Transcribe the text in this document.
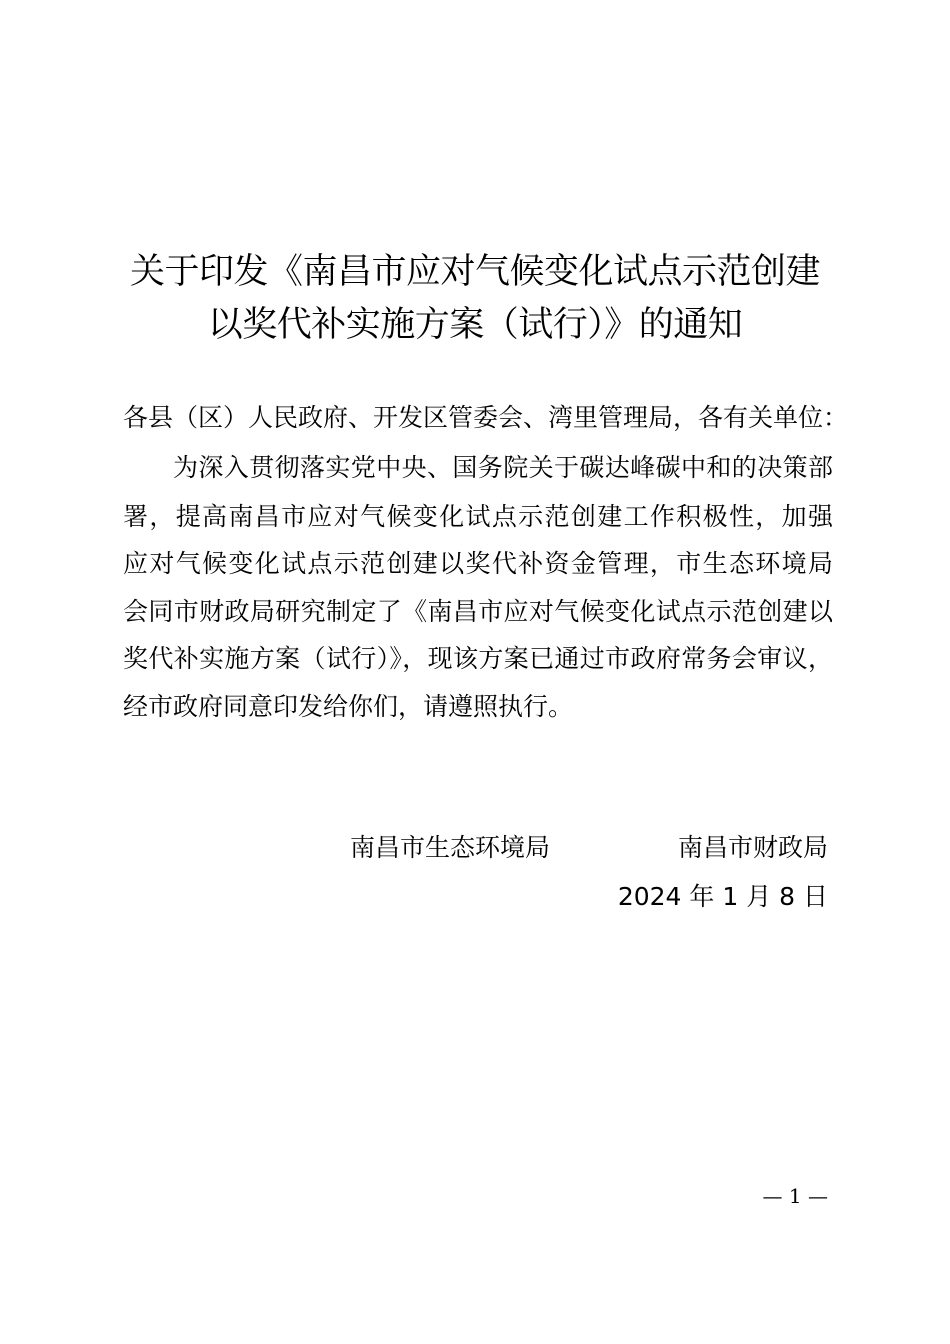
关于印发《南昌市应对气候变化试点示范创建
以奖代补实施方案（试行）》的通知
各县（区）人民政府、开发区管委会、湾里管理局，各有关单位：
为深入贯彻落实党中央、国务院关于碳达峰碳中和的决策部
署，提高南昌市应对气候变化试点示范创建工作积极性，加强
应对气候变化试点示范创建以奖代补资金管理，市生态环境局
会同市财政局研究制定了《南昌市应对气候变化试点示范创建以
奖代补实施方案（试行）》，现该方案已通过市政府常务会审议，
经市政府同意印发给你们，请遵照执行。
南昌市生态环境局	南昌市财政局
2024 年 1 月 8 日
— 1 —
